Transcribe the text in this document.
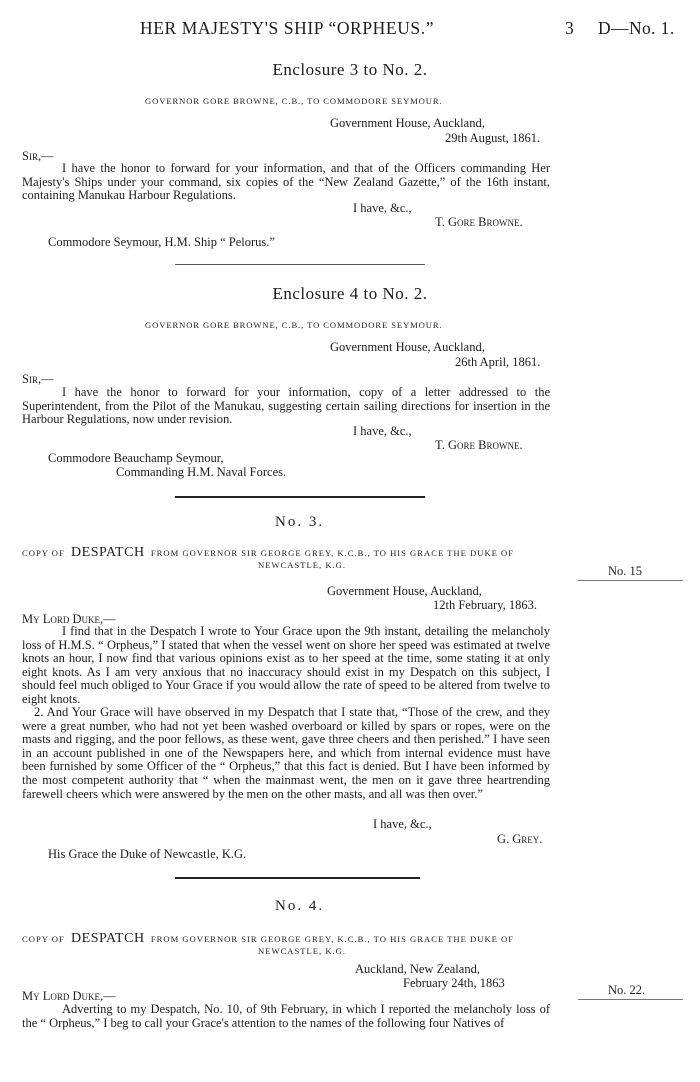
HER MAJESTY'S SHIP “ORPHEUS.”	3 D—No. 1.
Enclosure 3 to No. 2.
GOVERNOR GORE BROWNE, C.B., TO COMMODORE SEYMOUR.
Government House, Auckland,
29th August, 1861.
Sir,—
I have the honor to forward for your information, and that of the Officers commanding Her Majesty's Ships under your command, six copies of the “New Zealand Gazette,” of the 16th instant, containing Manukau Harbour Regulations.
I have, &c.,
T. Gore Browne.
Commodore Seymour, H.M. Ship “ Pelorus.”
Enclosure 4 to No. 2.
GOVERNOR GORE BROWNE, C.B., TO COMMODORE SEYMOUR.
Government House, Auckland,
26th April, 1861.
Sir,—
I have the honor to forward for your information, copy of a letter addressed to the Superintendent, from the Pilot of the Manukau, suggesting certain sailing directions for insertion in the Harbour Regulations, now under revision.
I have, &c.,
T. Gore Browne.
Commodore Beauchamp Seymour,
Commanding H.M. Naval Forces.
No. 3.
COPY OF DESPATCH FROM GOVERNOR SIR GEORGE GREY, K.C.B., TO HIS GRACE THE DUKE OF
NEWCASTLE, K.G.	No. 15
Government House, Auckland,
12th February, 1863.
My Lord Duke,—
I find that in the Despatch I wrote to Your Grace upon the 9th instant, detailing the melancholy loss of H.M.S. “ Orpheus,” I stated that when the vessel went on shore her speed was estimated at twelve knots an hour, I now find that various opinions exist as to her speed at the time, some stating it at only eight knots. As I am very anxious that no inaccuracy should exist in my Despatch on this subject, I should feel much obliged to Your Grace if you would allow the rate of speed to be altered from twelve to eight knots.
2. And Your Grace will have observed in my Despatch that I state that, “Those of the crew, and they were a great number, who had not yet been washed overboard or killed by spars or ropes, were on the masts and rigging, and the poor fellows, as these went, gave three cheers and then perished.” I have seen in an account published in one of the Newspapers here, and which from internal evidence must have been furnished by some Officer of the “ Orpheus,” that this fact is denied. But I have been informed by the most competent authority that “ when the mainmast went, the men on it gave three heartrending farewell cheers which were answered by the men on the other masts, and all was then over.”
I have, &c.,
G. Grey.
His Grace the Duke of Newcastle, K.G.
No. 4.
COPY OF DESPATCH FROM GOVERNOR SIR GEORGE GREY, K.C.B., TO HIS GRACE THE DUKE OF
NEWCASTLE, K.G.
Auckland, New Zealand,
February 24th, 1863	No. 22.
My Lord Duke,—
Adverting to my Despatch, No. 10, of 9th February, in which I reported the melancholy loss of the “ Orpheus,” I beg to call your Grace's attention to the names of the following four Natives of
